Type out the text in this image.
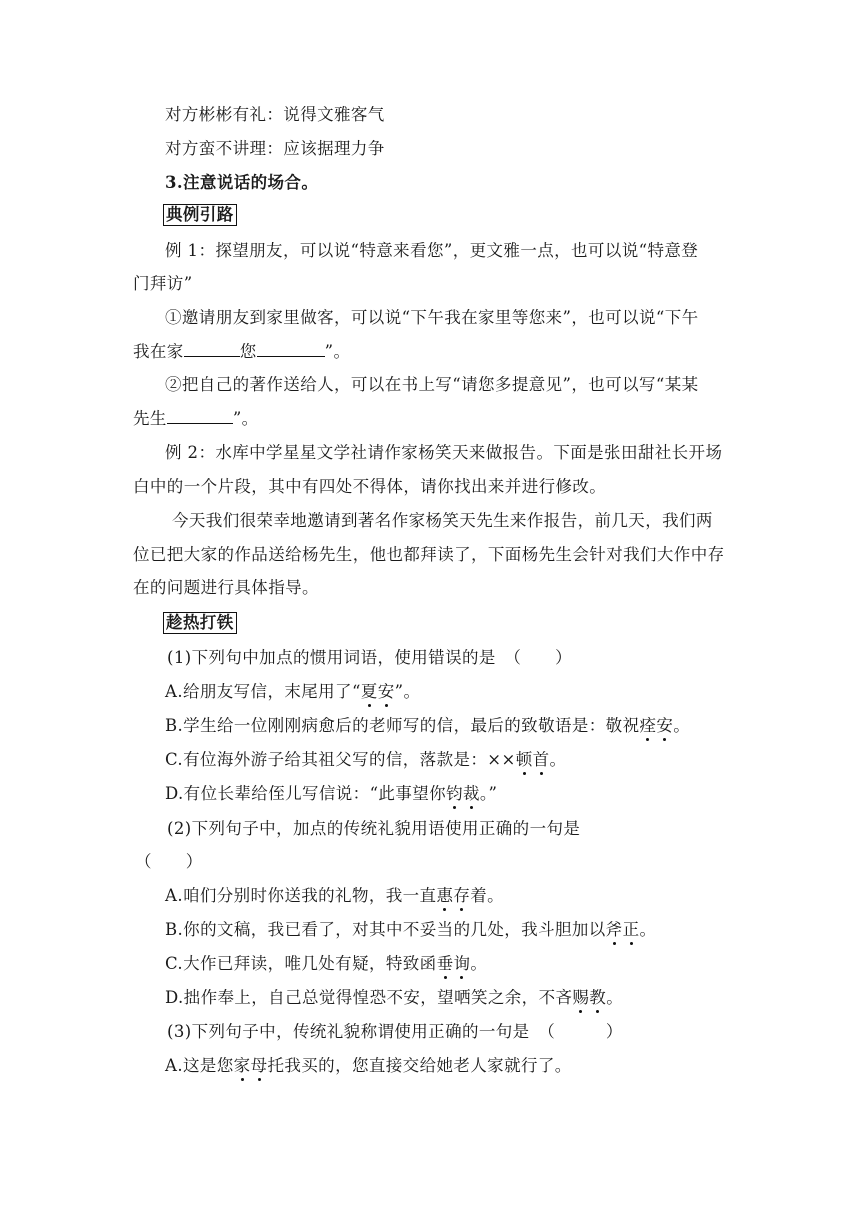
对方彬彬有礼：说得文雅客气
对方蛮不讲理：应该据理力争
3.注意说话的场合。
典例引路
例 1：探望朋友，可以说“特意来看您”，更文雅一点，也可以说“特意登
门拜访”
①邀请朋友到家里做客，可以说“下午我在家里等您来”，也可以说“下午
我在家	您	”。
②把自己的著作送给人，可以在书上写“请您多提意见”，也可以写“某某
先生	”。
例 2：水库中学星星文学社请作家杨笑天来做报告。下面是张田甜社长开场
白中的一个片段，其中有四处不得体，请你找出来并进行修改。
今天我们很荣幸地邀请到著名作家杨笑天先生来作报告，前几天，我们两
位已把大家的作品送给杨先生，他也都拜读了，下面杨先生会针对我们大作中存
在的问题进行具体指导。
趁热打铁
(1)下列句中加点的惯用词语，使用错误的是　（　　）
A.给朋友写信，末尾用了“夏安”。
B.学生给一位刚刚病愈后的老师写的信，最后的致敬语是：敬祝痊安。
C.有位海外游子给其祖父写的信，落款是：××顿首。
D.有位长辈给侄儿写信说：“此事望你钧裁。”
(2)下列句子中，加点的传统礼貌用语使用正确的一句是
（　　）
A.咱们分别时你送我的礼物，我一直惠存着。
B.你的文稿，我已看了，对其中不妥当的几处，我斗胆加以斧正。
C.大作已拜读，唯几处有疑，特致函垂询。
D.拙作奉上，自己总觉得惶恐不安，望哂笑之余，不吝赐教。
(3)下列句子中，传统礼貌称谓使用正确的一句是　（　　　）
A.这是您家母托我买的，您直接交给她老人家就行了。
